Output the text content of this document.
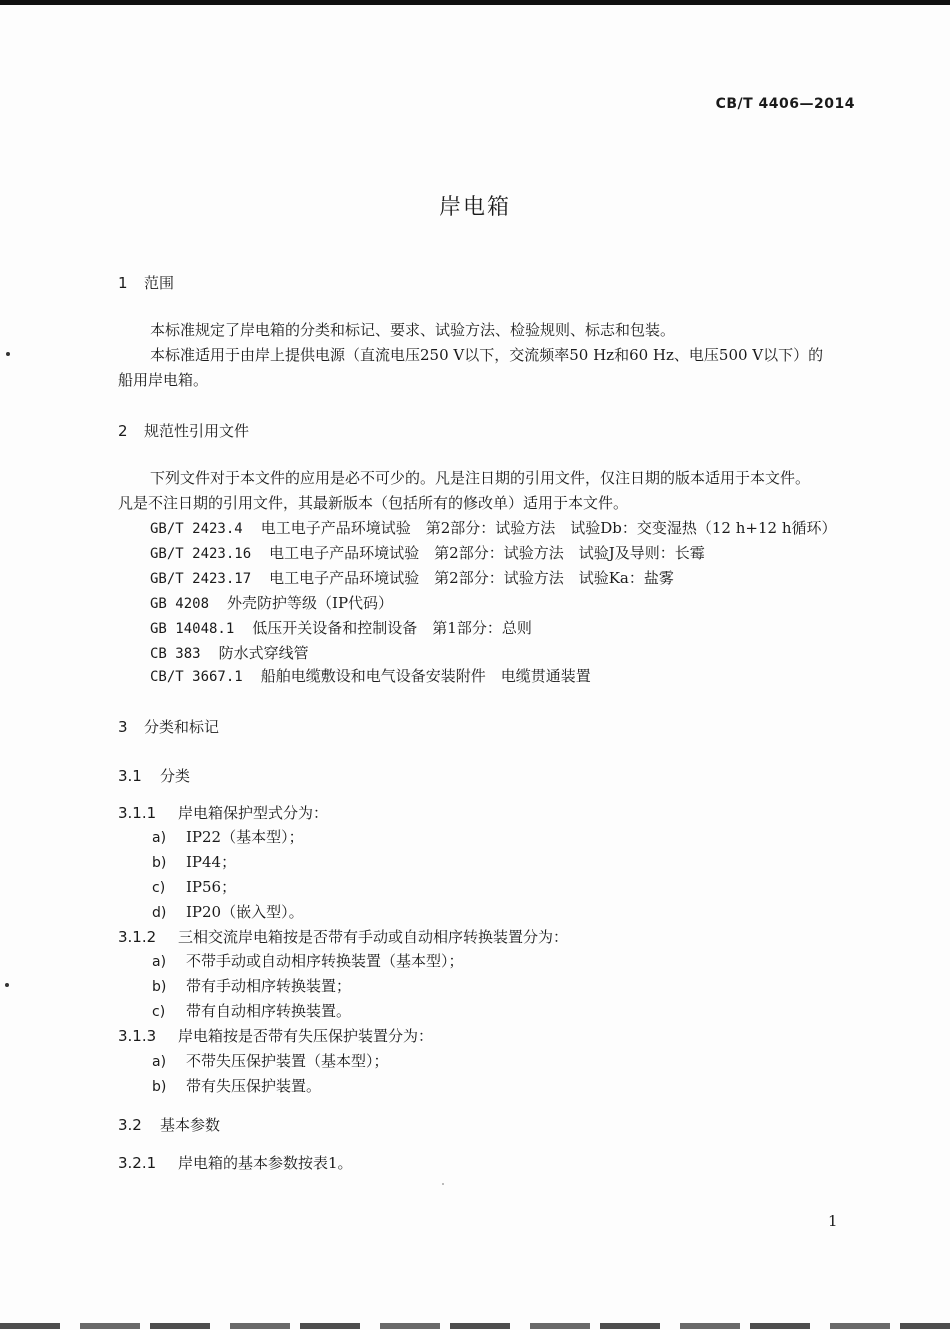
CB/T 4406—2014
岸电箱
1 范围
本标准规定了岸电箱的分类和标记、要求、试验方法、检验规则、标志和包装。
本标准适用于由岸上提供电源（直流电压250 V以下，交流频率50 Hz和60 Hz、电压500 V以下）的
船用岸电箱。
2 规范性引用文件
下列文件对于本文件的应用是必不可少的。凡是注日期的引用文件，仅注日期的版本适用于本文件。
凡是不注日期的引用文件，其最新版本（包括所有的修改单）适用于本文件。
GB/T 2423.4 电工电子产品环境试验　第2部分：试验方法　试验Db：交变湿热（12 h+12 h循环）
GB/T 2423.16 电工电子产品环境试验　第2部分：试验方法　试验J及导则：长霉
GB/T 2423.17 电工电子产品环境试验　第2部分：试验方法　试验Ka：盐雾
GB 4208 外壳防护等级（IP代码）
GB 14048.1 低压开关设备和控制设备　第1部分：总则
CB 383 防水式穿线管
CB/T 3667.1 船舶电缆敷设和电气设备安装附件　电缆贯通装置
3 分类和标记
3.1 分类
3.1.1 岸电箱保护型式分为：
a) IP22（基本型）；
b) IP44；
c) IP56；
d) IP20（嵌入型）。
3.1.2 三相交流岸电箱按是否带有手动或自动相序转换装置分为：
a) 不带手动或自动相序转换装置（基本型）；
b) 带有手动相序转换装置；
c) 带有自动相序转换装置。
3.1.3 岸电箱按是否带有失压保护装置分为：
a) 不带失压保护装置（基本型）；
b) 带有失压保护装置。
3.2 基本参数
3.2.1 岸电箱的基本参数按表1。
1
